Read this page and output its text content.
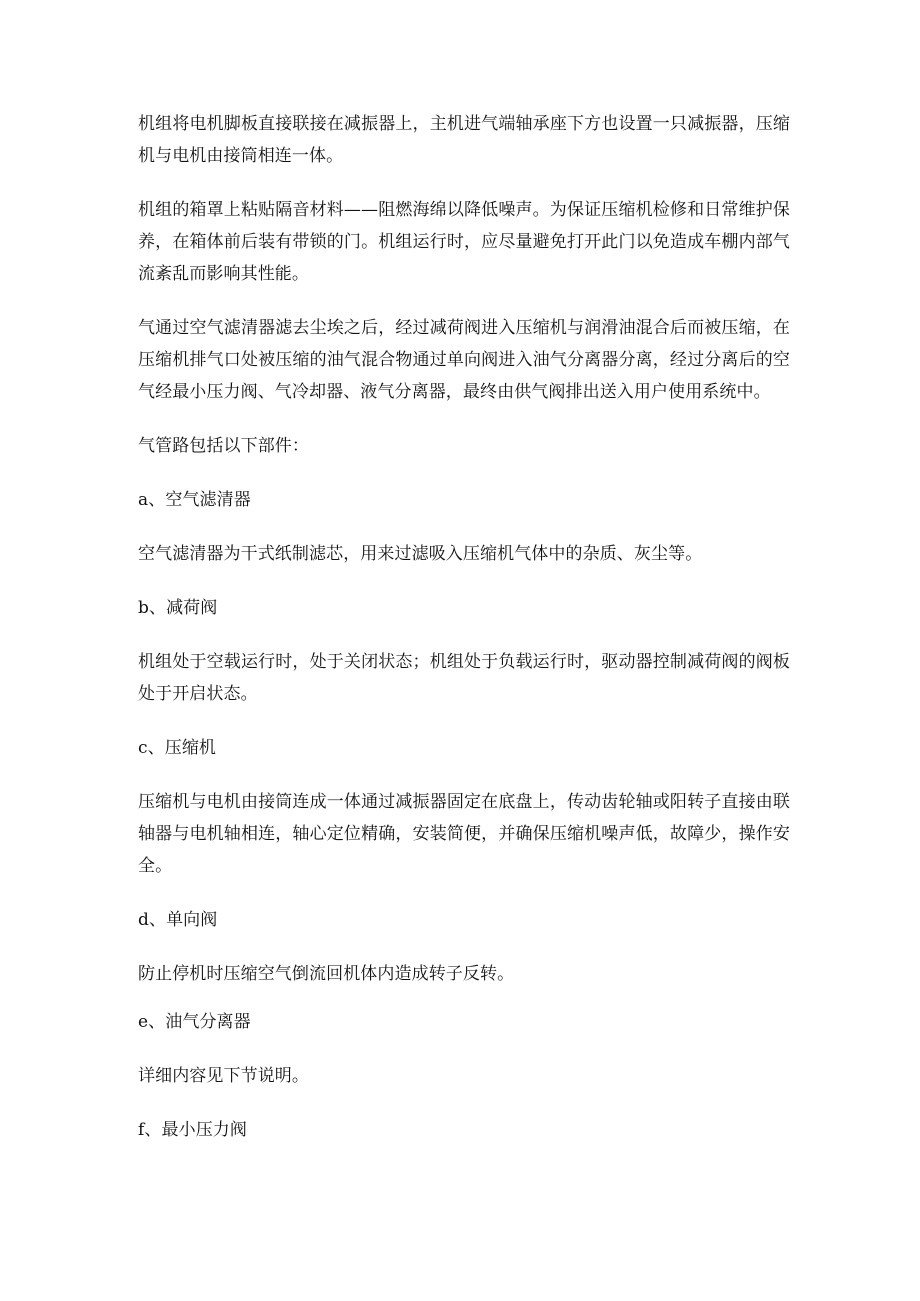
机组将电机脚板直接联接在减振器上，主机进气端轴承座下方也设置一只减振器，压缩机与电机由接筒相连一体。

机组的箱罩上粘贴隔音材料——阻燃海绵以降低噪声。为保证压缩机检修和日常维护保养，在箱体前后装有带锁的门。机组运行时，应尽量避免打开此门以免造成车棚内部气流紊乱而影响其性能。

气通过空气滤清器滤去尘埃之后，经过减荷阀进入压缩机与润滑油混合后而被压缩，在压缩机排气口处被压缩的油气混合物通过单向阀进入油气分离器分离，经过分离后的空气经最小压力阀、气冷却器、液气分离器，最终由供气阀排出送入用户使用系统中。

气管路包括以下部件：

a、空气滤清器

空气滤清器为干式纸制滤芯，用来过滤吸入压缩机气体中的杂质、灰尘等。

b、减荷阀

机组处于空载运行时，处于关闭状态；机组处于负载运行时，驱动器控制减荷阀的阀板处于开启状态。

c、压缩机

压缩机与电机由接筒连成一体通过减振器固定在底盘上，传动齿轮轴或阳转子直接由联轴器与电机轴相连，轴心定位精确，安装简便，并确保压缩机噪声低，故障少，操作安全。

d、单向阀

防止停机时压缩空气倒流回机体内造成转子反转。

e、油气分离器

详细内容见下节说明。

f、最小压力阀
